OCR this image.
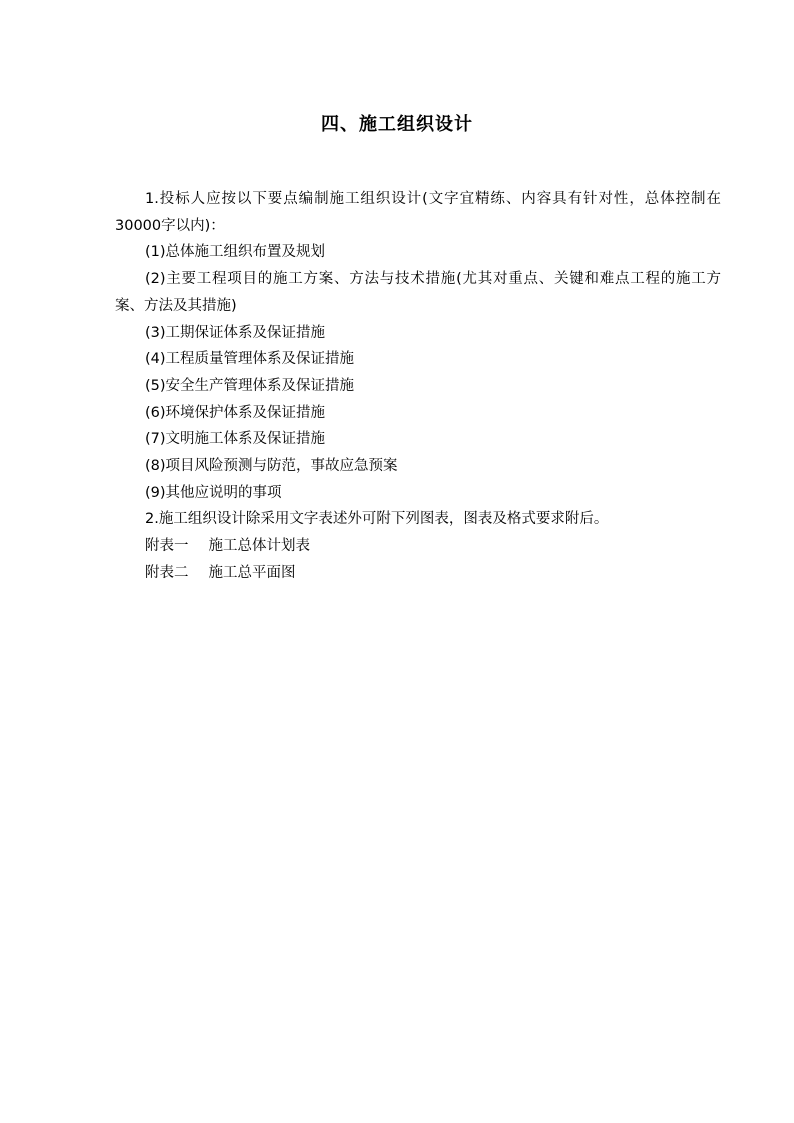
四、施工组织设计

1.投标人应按以下要点编制施工组织设计(文字宜精练、内容具有针对性，总体控制在30000字以内)：

(1)总体施工组织布置及规划

(2)主要工程项目的施工方案、方法与技术措施(尤其对重点、关键和难点工程的施工方案、方法及其措施)

(3)工期保证体系及保证措施

(4)工程质量管理体系及保证措施

(5)安全生产管理体系及保证措施

(6)环境保护体系及保证措施

(7)文明施工体系及保证措施

(8)项目风险预测与防范，事故应急预案

(9)其他应说明的事项

2.施工组织设计除采用文字表述外可附下列图表，图表及格式要求附后。

附表一 施工总体计划表

附表二 施工总平面图
